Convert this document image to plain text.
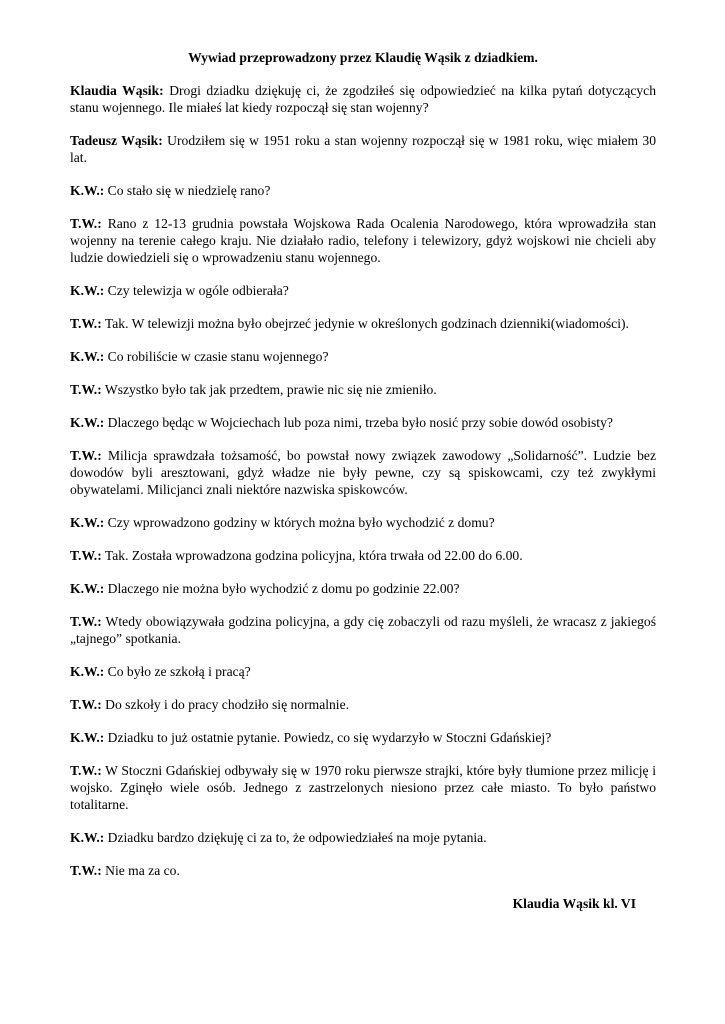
Wywiad przeprowadzony przez Klaudię Wąsik z dziadkiem.
Klaudia Wąsik: Drogi dziadku dziękuję ci, że zgodziłeś się odpowiedzieć na kilka pytań dotyczących stanu wojennego. Ile miałeś lat kiedy rozpoczął się stan wojenny?
Tadeusz Wąsik: Urodziłem się w 1951 roku a stan wojenny rozpoczął się w 1981 roku, więc miałem 30 lat.
K.W.: Co stało się w niedzielę rano?
T.W.: Rano z 12-13 grudnia powstała Wojskowa Rada Ocalenia Narodowego, która wprowadziła stan wojenny na terenie całego kraju. Nie działało radio, telefony i telewizory, gdyż wojskowi nie chcieli aby ludzie dowiedzieli się o wprowadzeniu stanu wojennego.
K.W.: Czy telewizja w ogóle odbierała?
T.W.: Tak. W telewizji można było obejrzeć jedynie w określonych godzinach dzienniki(wiadomości).
K.W.: Co robiliście w czasie stanu wojennego?
T.W.: Wszystko było tak jak przedtem, prawie nic się nie zmieniło.
K.W.: Dlaczego będąc w Wojciechach lub poza nimi, trzeba było nosić przy sobie dowód osobisty?
T.W.: Milicja sprawdzała tożsamość, bo powstał nowy związek zawodowy „Solidarność”. Ludzie bez dowodów byli aresztowani, gdyż władze nie były pewne, czy są spiskowcami, czy też zwykłymi obywatelami. Milicjanci znali niektóre nazwiska spiskowców.
K.W.: Czy wprowadzono godziny w których można było wychodzić z domu?
T.W.: Tak. Została wprowadzona godzina policyjna, która trwała od 22.00 do 6.00.
K.W.: Dlaczego nie można było wychodzić z domu po godzinie 22.00?
T.W.: Wtedy obowiązywała godzina policyjna, a gdy cię zobaczyli od razu myśleli, że wracasz z jakiegoś „tajnego” spotkania.
K.W.: Co było ze szkołą i pracą?
T.W.: Do szkoły i do pracy chodziło się normalnie.
K.W.: Dziadku to już ostatnie pytanie. Powiedz, co się wydarzyło w Stoczni Gdańskiej?
T.W.: W Stoczni Gdańskiej odbywały się w 1970 roku pierwsze strajki, które były tłumione przez milicję i wojsko. Zginęło wiele osób. Jednego z zastrzelonych niesiono przez całe miasto. To było państwo totalitarne.
K.W.: Dziadku bardzo dziękuję ci za to, że odpowiedziałeś na moje pytania.
T.W.: Nie ma za co.
Klaudia Wąsik kl. VI
